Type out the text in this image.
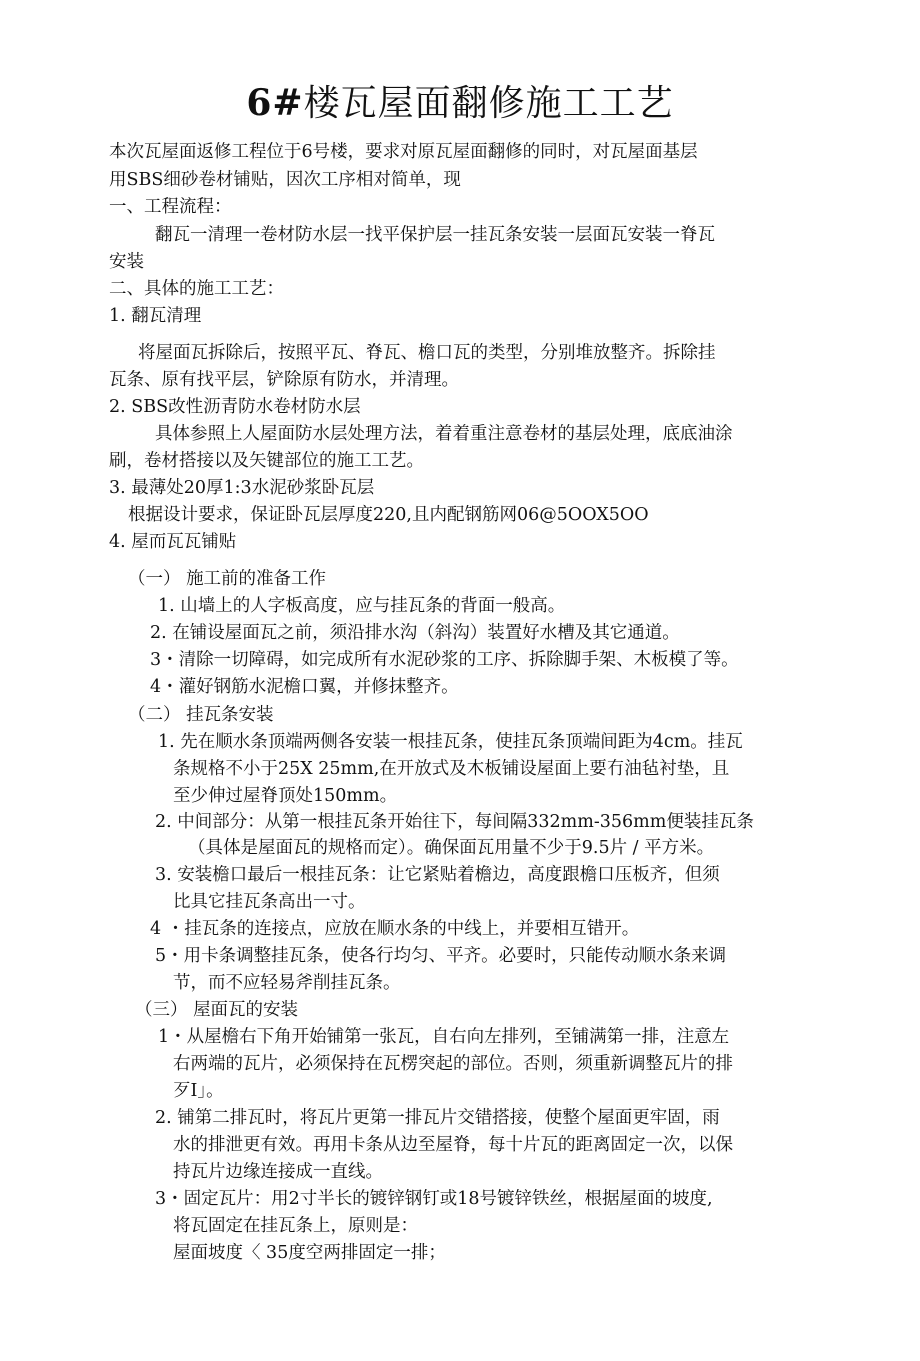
6#楼瓦屋面翻修施工工艺
本次瓦屋面返修工程位于6号楼，要求对原瓦屋面翻修的同时，对瓦屋面基层
用SBS细砂卷材铺贴，因次工序相对简单，现
一、工程流程：
翻瓦一清理一卷材防水层一找平保护层一挂瓦条安装一层面瓦安装一脊瓦
安装
二、具体的施工工艺：
1. 翻瓦清理
将屋面瓦拆除后，按照平瓦、脊瓦、檐口瓦的类型，分别堆放整齐。拆除挂
瓦条、原有找平层，铲除原有防水，并清理。
2. SBS改性沥青防水卷材防水层
具体参照上人屋面防水层处理方法，着着重注意卷材的基层处理，底底油涂
刷，卷材搭接以及矢键部位的施工工艺。
3. 最薄处20厚1:3水泥砂浆卧瓦层
根据设计要求，保证卧瓦层厚度220,且内配钢筋网06@5OOX5OO
4. 屋而瓦瓦铺贴
（一） 施工前的准备工作
1. 山墙上的人字板高度，应与挂瓦条的背面一般高。
2. 在铺设屋面瓦之前，须沿排水沟（斜沟）装置好水槽及其它通道。
3・清除一切障碍，如完成所有水泥砂浆的工序、拆除脚手架、木板模了等。
4・灌好钢筋水泥檐口翼，并修抹整齐。
（二） 挂瓦条安装
1. 先在顺水条顶端两侧各安装一根挂瓦条，使挂瓦条顶端间距为4cm。挂瓦
条规格不小于25X 25mm,在开放式及木板铺设屋面上要冇油毡衬垫，且
至少伸过屋脊顶处150mm。
2. 中间部分：从第一根挂瓦条开始往下，每间隔332mm-356mm便装挂瓦条
（具体是屋面瓦的规格而定）。确保面瓦用量不少于9.5片 / 平方米。
3. 安装檐口最后一根挂瓦条：让它紧贴着檐边，高度跟檐口压板齐，但须
比具它挂瓦条高出一寸。
4 ・挂瓦条的连接点，应放在顺水条的中线上，并要相互错开。
5・用卡条调整挂瓦条，使各行均匀、平齐。必要时，只能传动顺水条来调
节，而不应轻易斧削挂瓦条。
（三） 屋面瓦的安装
1・从屋檐右下角开始铺第一张瓦，自右向左排列，至铺满第一排，注意左
右两端的瓦片，必须保持在瓦楞突起的部位。否则，须重新调整瓦片的排
歹I」。
2. 铺第二排瓦时，将瓦片更第一排瓦片交错搭接，使整个屋面更牢固，雨
水的排泄更有效。再用卡条从边至屋脊，每十片瓦的距离固定一次，以保
持瓦片边缘连接成一直线。
3・固定瓦片：用2寸半长的镀锌钢钉或18号镀锌铁丝，根据屋面的坡度,
将瓦固定在挂瓦条上，原则是：
屋面坡度〈 35度空两排固定一排；
